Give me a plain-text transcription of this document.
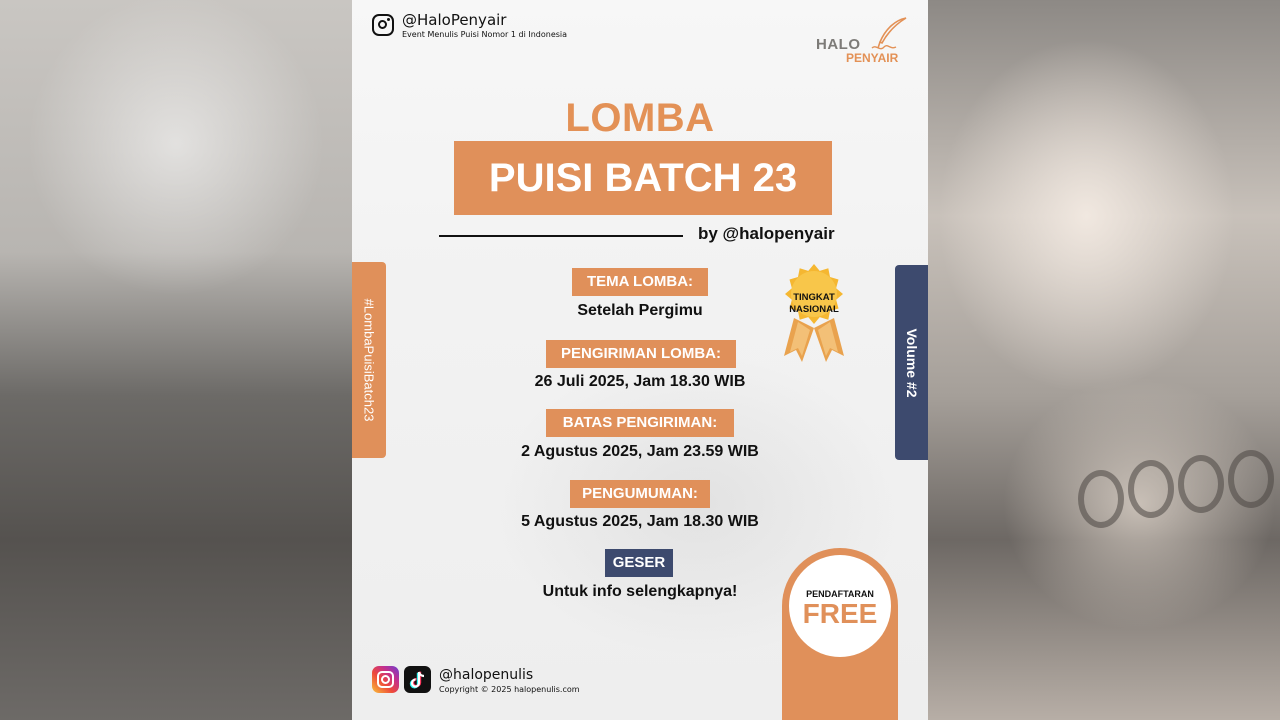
@HaloPenyair
Event Menulis Puisi Nomor 1 di Indonesia
HALO
PENYAIR
LOMBA
PUISI BATCH 23
by @halopenyair
#LombaPuisiBatch23	Volume #2
TEMA LOMBA:
Setelah Pergimu
PENGIRIMAN LOMBA:
26 Juli 2025, Jam 18.30 WIB
BATAS PENGIRIMAN:
2 Agustus 2025, Jam 23.59 WIB
PENGUMUMAN:
5 Agustus 2025, Jam 18.30 WIB
GESER
Untuk info selengkapnya!
TINGKAT
NASIONAL
PENDAFTARAN
FREE
@halopenulis
Copyright © 2025 halopenulis.com
